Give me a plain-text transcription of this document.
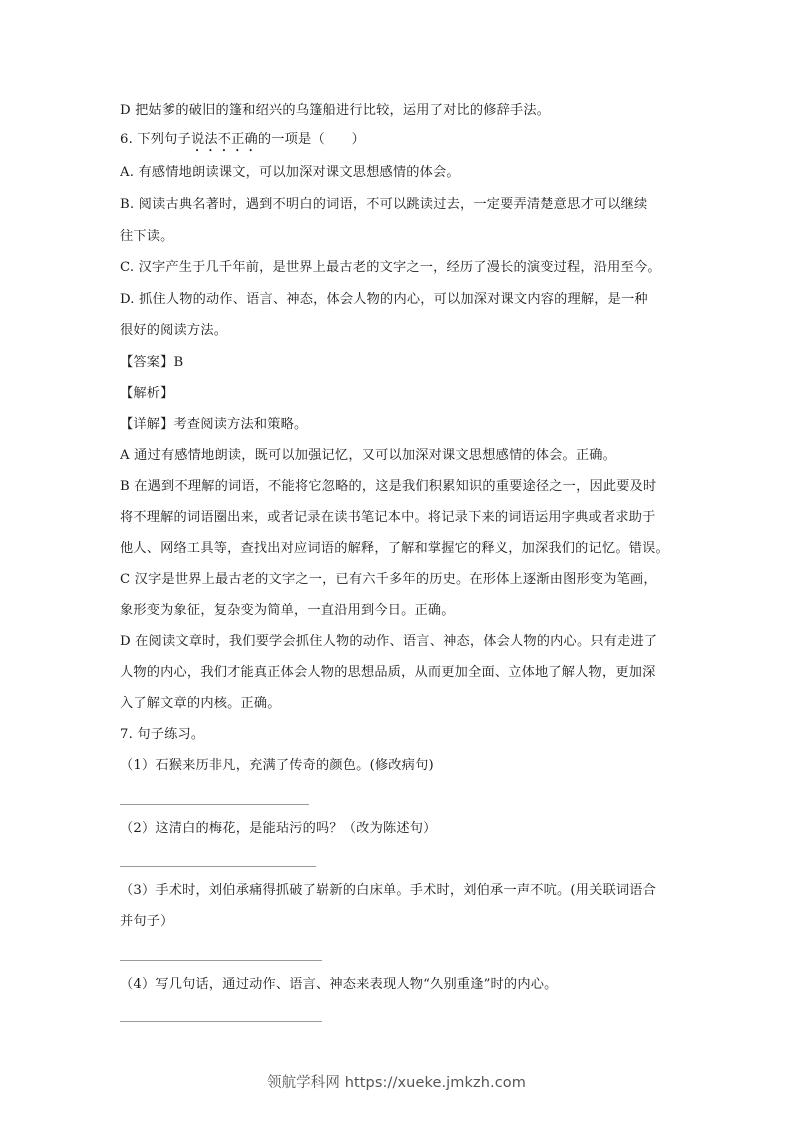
D 把姑爹的破旧的篷和绍兴的乌篷船进行比较，运用了对比的修辞手法。
6. 下列句子说法不正确的一项是（　　）
A. 有感情地朗读课文，可以加深对课文思想感情的体会。
B. 阅读古典名著时，遇到不明白的词语，不可以跳读过去，一定要弄清楚意思才可以继续
往下读。
C. 汉字产生于几千年前，是世界上最古老的文字之一，经历了漫长的演变过程，沿用至今。
D. 抓住人物的动作、语言、神态，体会人物的内心，可以加深对课文内容的理解，是一种
很好的阅读方法。
【答案】B
【解析】
【详解】考查阅读方法和策略。
A 通过有感情地朗读，既可以加强记忆，又可以加深对课文思想感情的体会。正确。
B 在遇到不理解的词语，不能将它忽略的，这是我们积累知识的重要途径之一，因此要及时
将不理解的词语圈出来，或者记录在读书笔记本中。将记录下来的词语运用字典或者求助于
他人、网络工具等，查找出对应词语的解释，了解和掌握它的释义，加深我们的记忆。错误。
C 汉字是世界上最古老的文字之一，已有六千多年的历史。在形体上逐渐由图形变为笔画，
象形变为象征，复杂变为简单，一直沿用到今日。正确。
D 在阅读文章时，我们要学会抓住人物的动作、语言、神态，体会人物的内心。只有走进了
人物的内心，我们才能真正体会人物的思想品质，从而更加全面、立体地了解人物，更加深
入了解文章的内核。正确。
7. 句子练习。
（1）石猴来历非凡，充满了传奇的颜色。(修改病句)
（2）这清白的梅花，是能玷污的吗？（改为陈述句）
（3）手术时，刘伯承痛得抓破了崭新的白床单。手术时，刘伯承一声不吭。(用关联词语合
并句子）
（4）写几句话，通过动作、语言、神态来表现人物“久别重逢”时的内心。
领航学科网 https://xueke.jmkzh.com
